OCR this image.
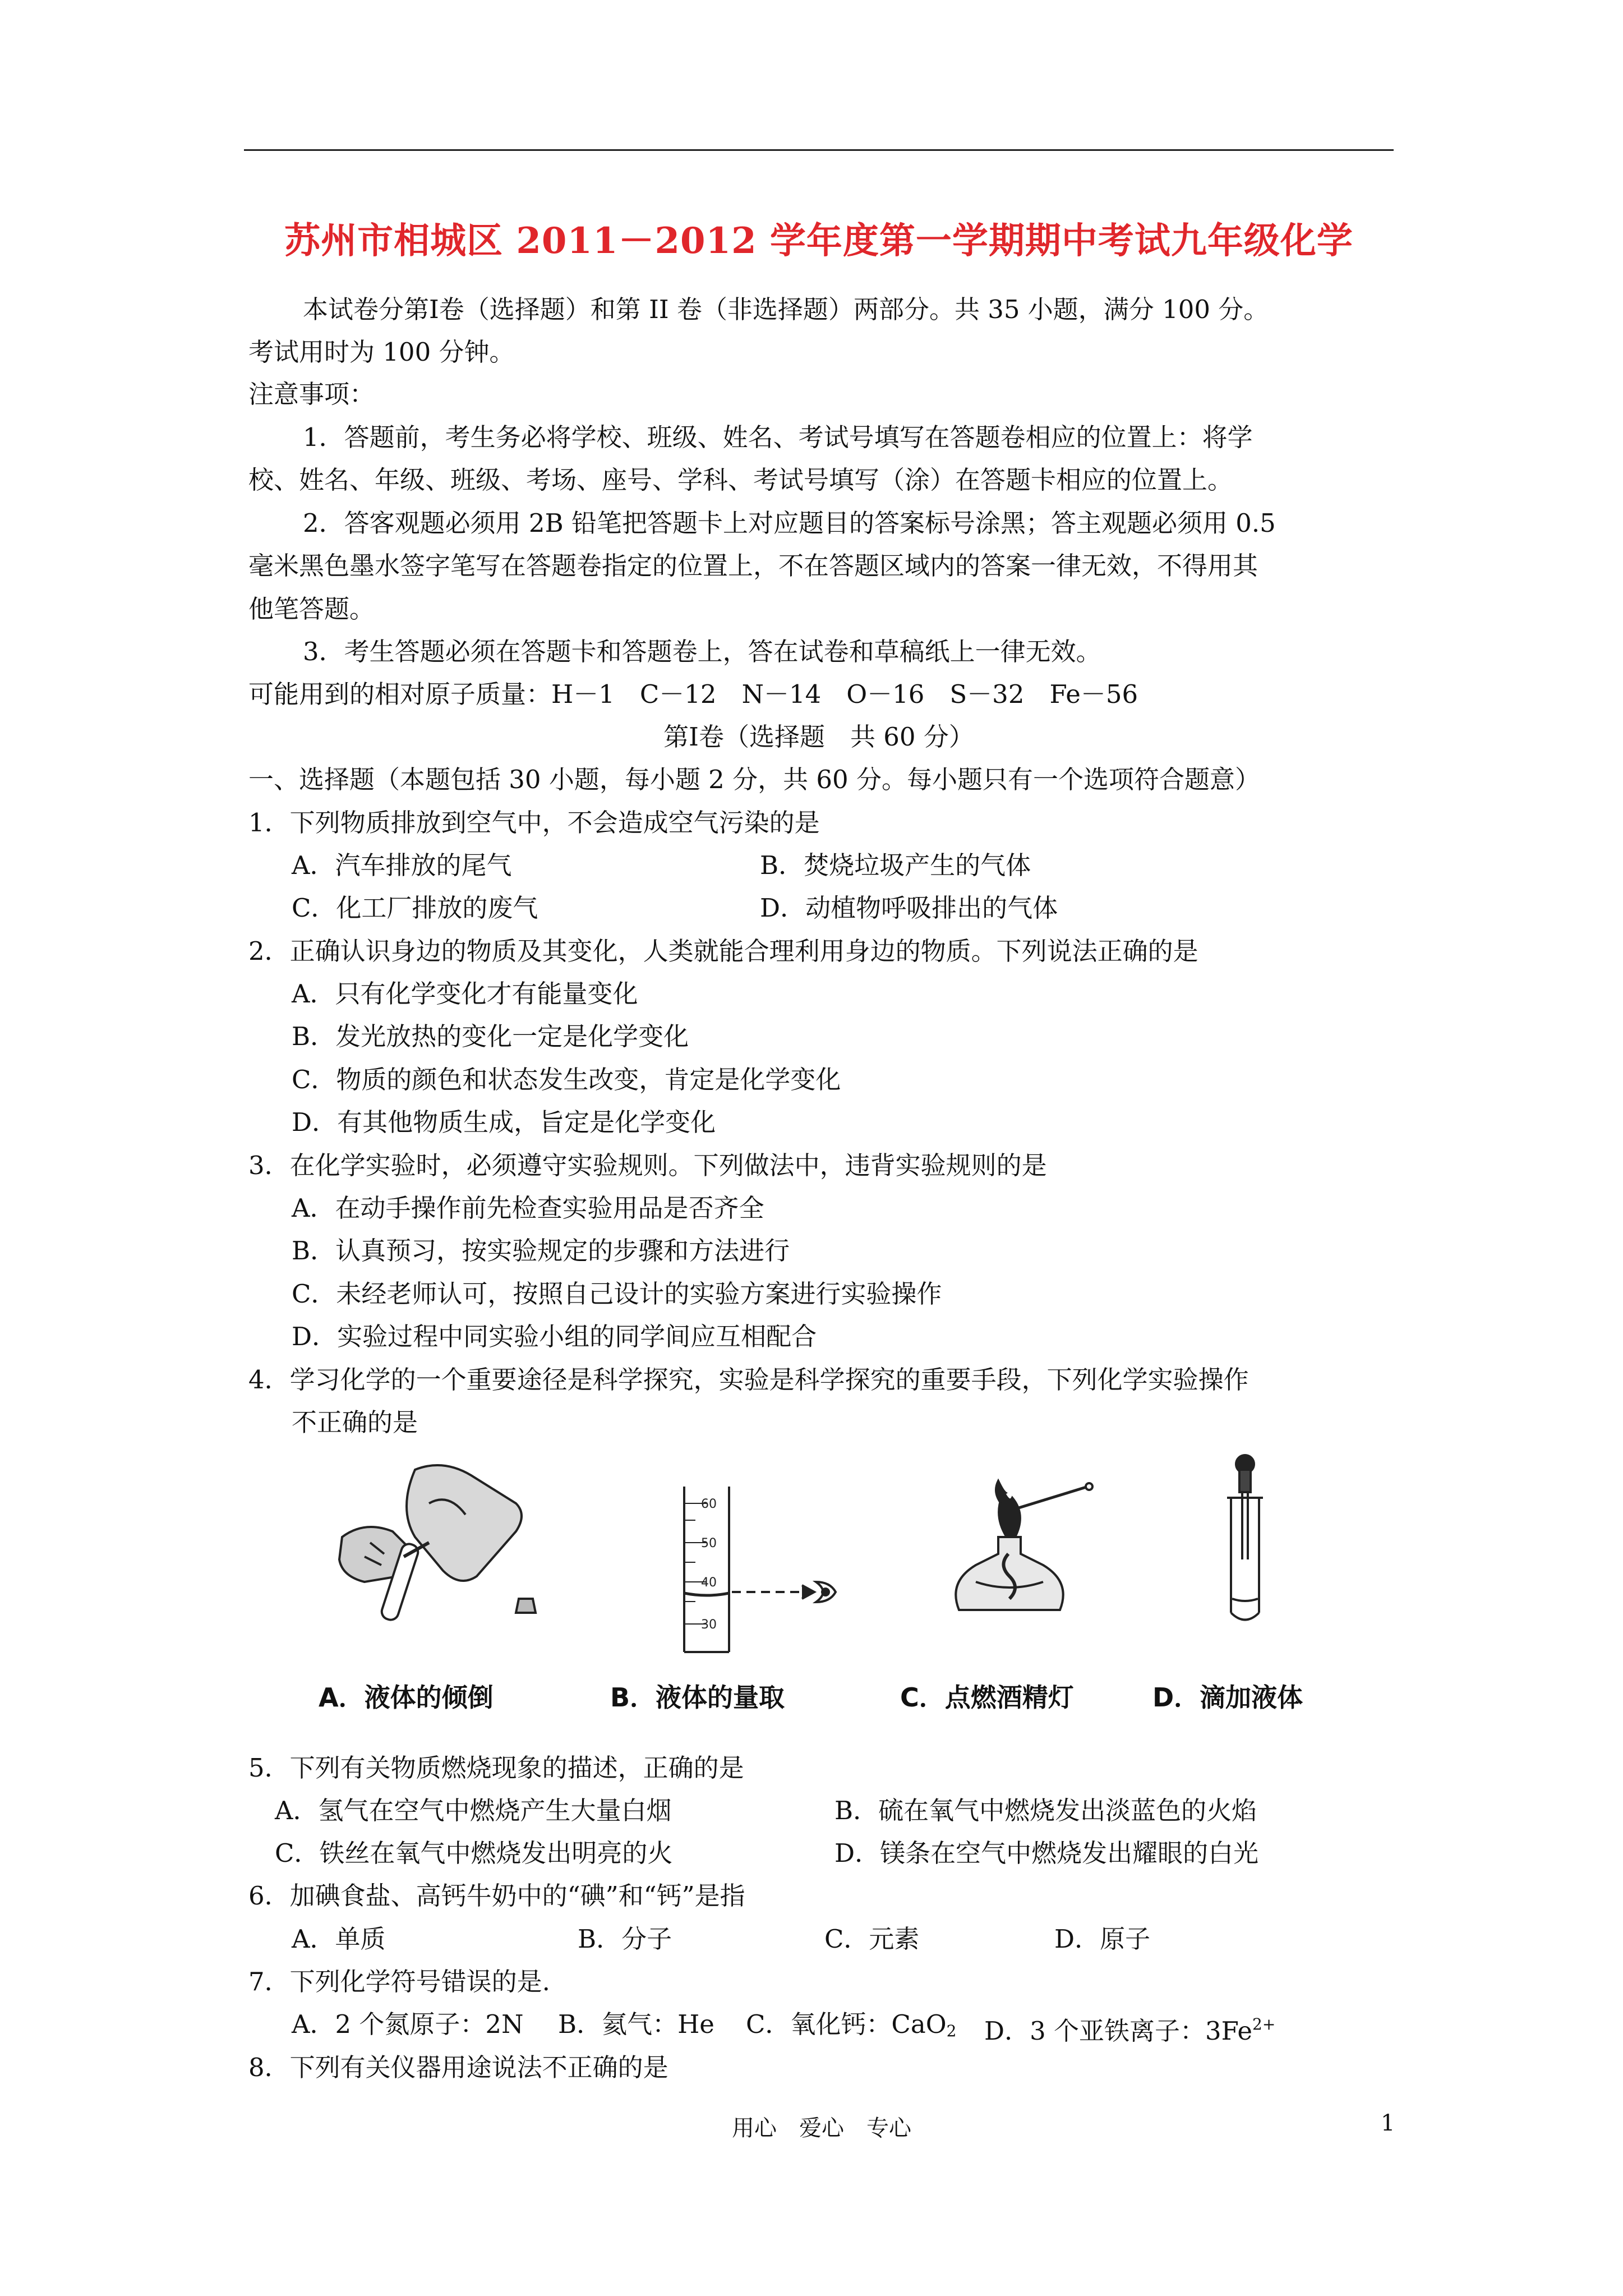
苏州市相城区 2011－2012 学年度第一学期期中考试九年级化学
本试卷分第Ⅰ卷（选择题）和第 II 卷（非选择题）两部分。共 35 小题，满分 100 分。
考试用时为 100 分钟。
注意事项：
1．答题前，考生务必将学校、班级、姓名、考试号填写在答题卷相应的位置上：将学
校、姓名、年级、班级、考场、座号、学科、考试号填写（涂）在答题卡相应的位置上。
2．答客观题必须用 2B 铅笔把答题卡上对应题目的答案标号涂黑；答主观题必须用 0.5
毫米黑色墨水签字笔写在答题卷指定的位置上，不在答题区域内的答案一律无效，不得用其
他笔答题。
3．考生答题必须在答题卡和答题卷上，答在试卷和草稿纸上一律无效。
可能用到的相对原子质量：H－1　C－12　N－14　O－16　S－32　Fe－56
第Ⅰ卷（选择题　共 60 分）
一、选择题（本题包括 30 小题，每小题 2 分，共 60 分。每小题只有一个选项符合题意）
1．下列物质排放到空气中，不会造成空气污染的是
A．汽车排放的尾气	B．焚烧垃圾产生的气体
C．化工厂排放的废气	D．动植物呼吸排出的气体
2．正确认识身边的物质及其变化，人类就能合理利用身边的物质。下列说法正确的是
A．只有化学变化才有能量变化
B．发光放热的变化一定是化学变化
C．物质的颜色和状态发生改变，肯定是化学变化
D．有其他物质生成，旨定是化学变化
3．在化学实验时，必须遵守实验规则。下列做法中，违背实验规则的是
A．在动手操作前先检查实验用品是否齐全
B．认真预习，按实验规定的步骤和方法进行
C．未经老师认可，按照自己设计的实验方案进行实验操作
D．实验过程中同实验小组的同学间应互相配合
4．学习化学的一个重要途径是科学探究，实验是科学探究的重要手段，下列化学实验操作
不正确的是
60
50
40
30
A．液体的倾倒	B．液体的量取	C．点燃酒精灯	D．滴加液体
5．下列有关物质燃烧现象的描述，正确的是
A．氢气在空气中燃烧产生大量白烟	B．硫在氧气中燃烧发出淡蓝色的火焰
C．铁丝在氧气中燃烧发出明亮的火	D．镁条在空气中燃烧发出耀眼的白光
6．加碘食盐、高钙牛奶中的“碘”和“钙”是指
A．单质	B．分子	C．元素	D．原子
7．下列化学符号错误的是.
A．2 个氮原子：2N B．氦气：He C．氧化钙：CaO$_2$ D．3 个亚铁离子：$3Fe^{2+}$
8．下列有关仪器用途说法不正确的是
用心　爱心　专心	1
